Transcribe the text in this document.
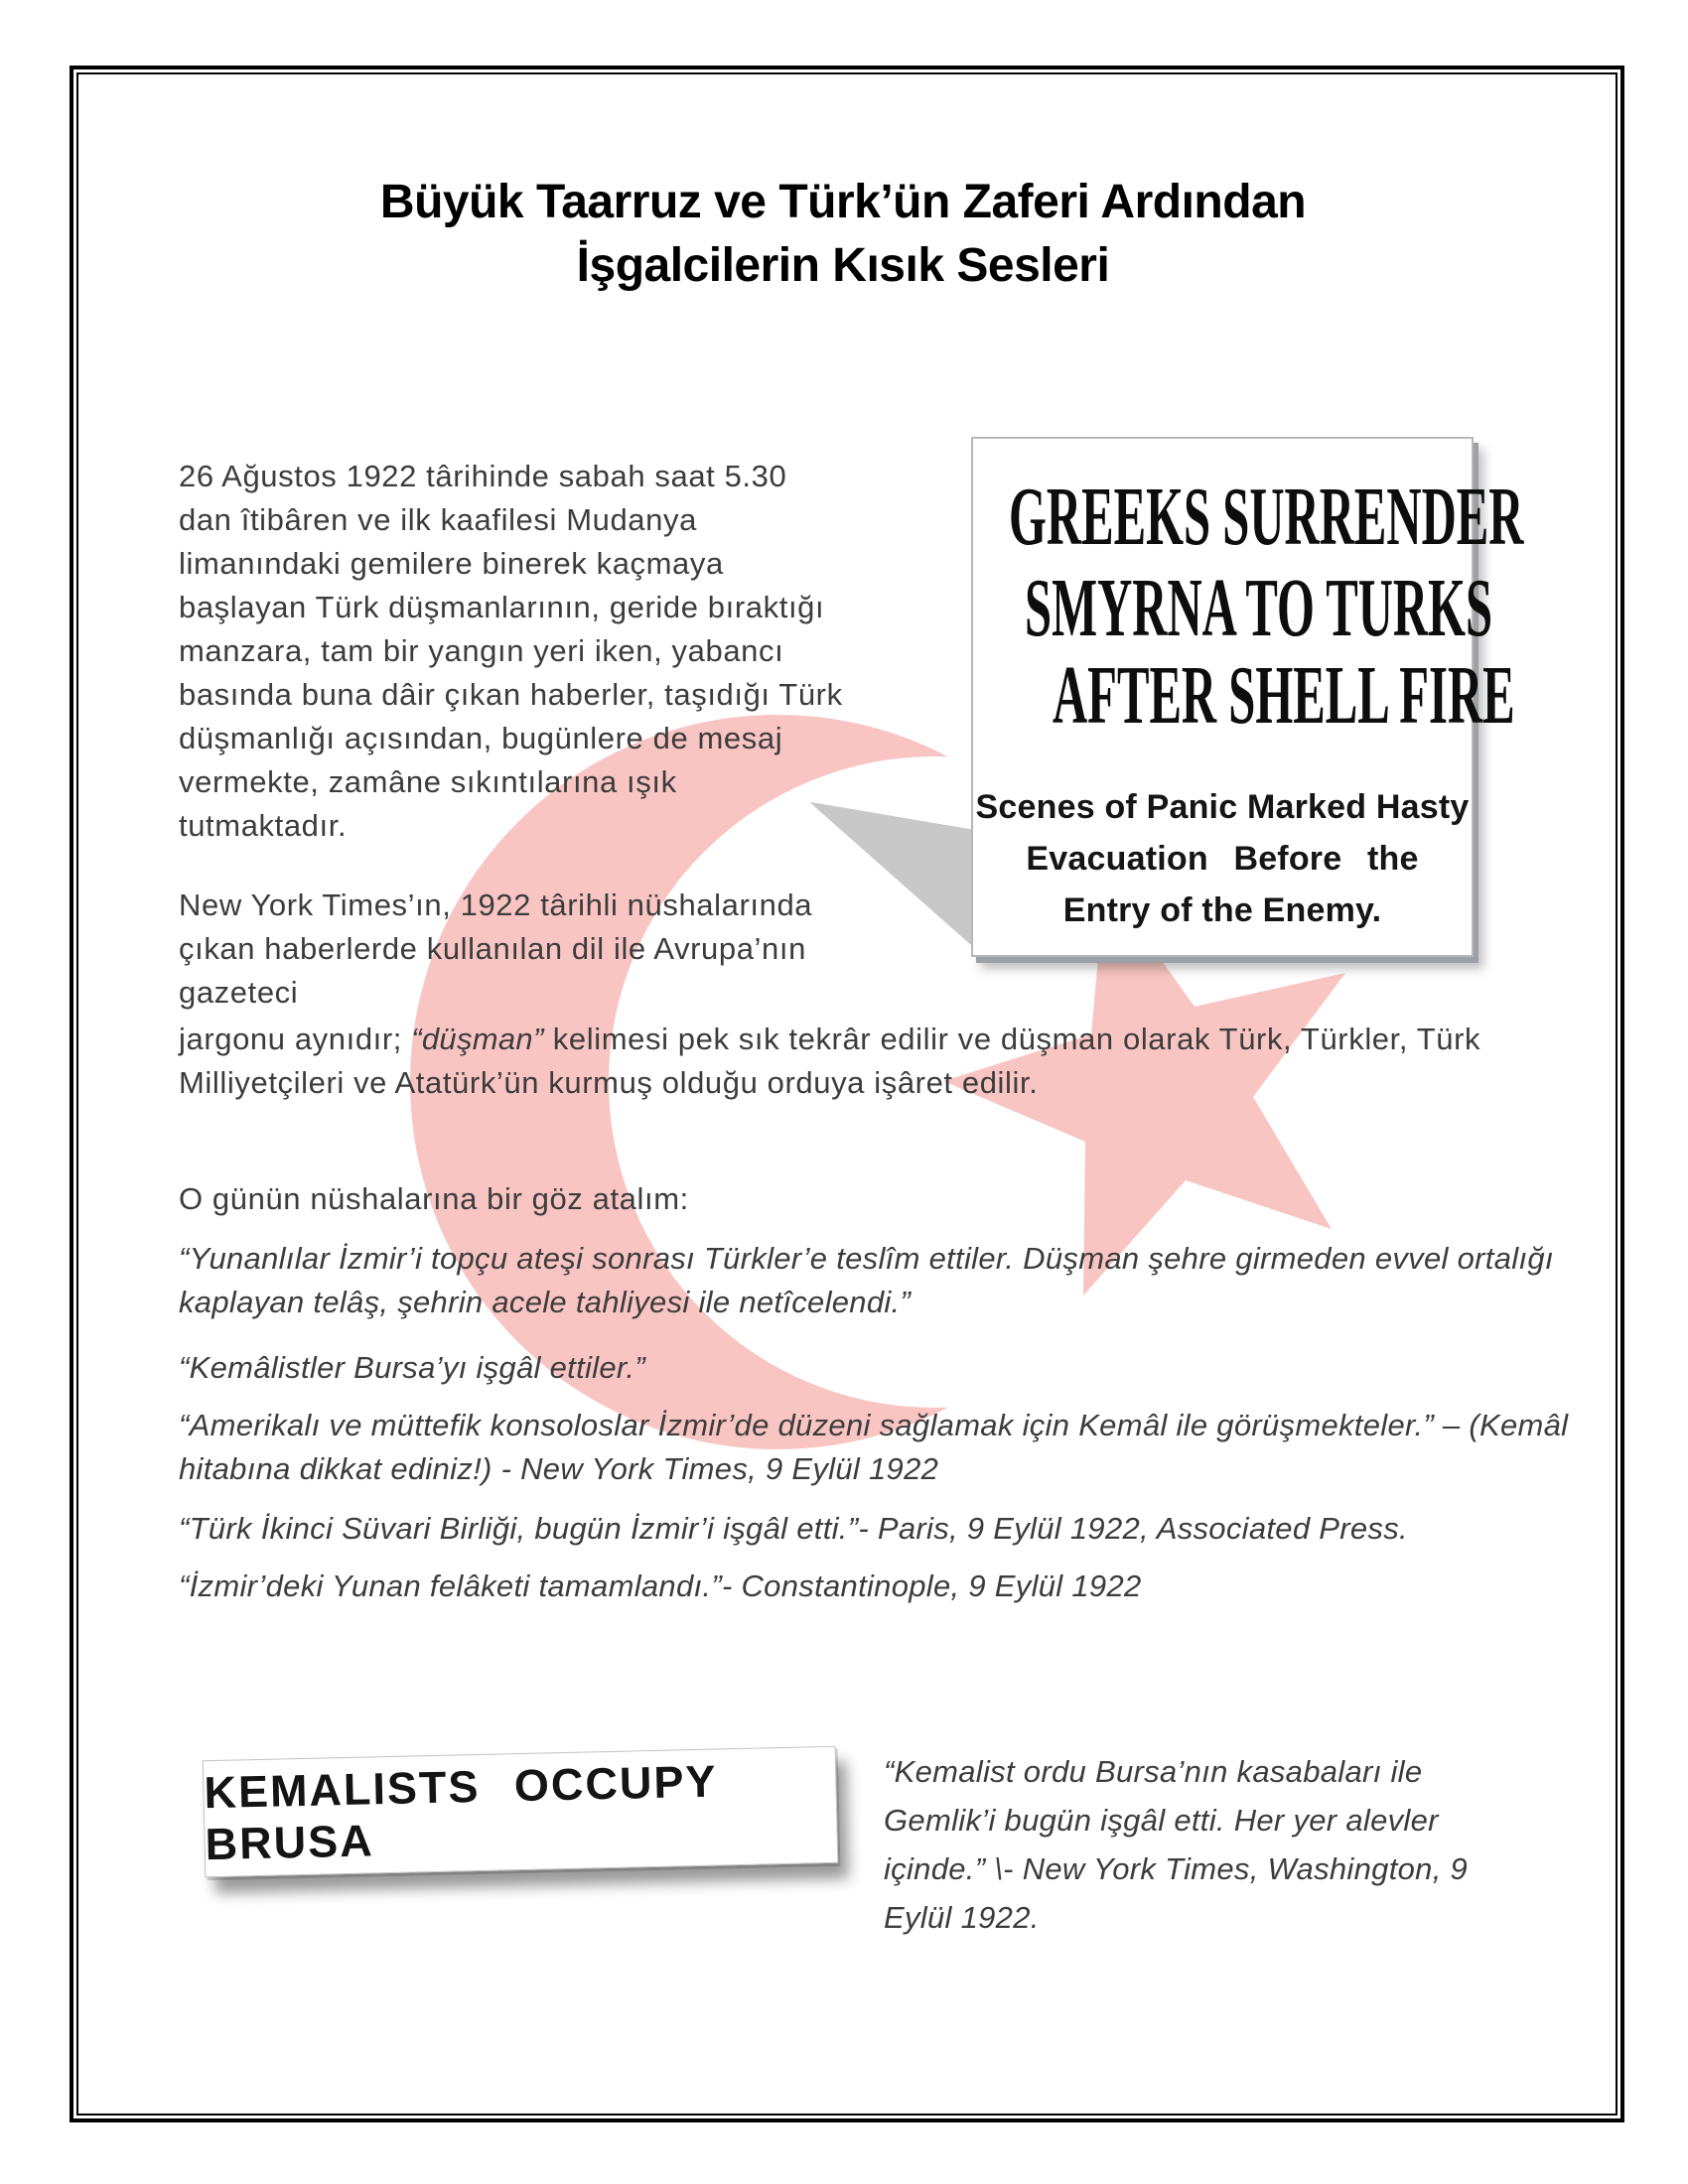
Büyük Taarruz ve Türk’ün Zaferi Ardından
İşgalcilerin Kısık Sesleri
GREEKS SURRENDER
SMYRNA TO TURKS
AFTER SHELL FIRE
Scenes of Panic Marked Hasty
Evacuation Before the
Entry of the Enemy.
26 Ağustos 1922 târihinde sabah saat 5.30 dan îtibâren ve ilk kaafilesi Mudanya limanındaki gemilere binerek kaçmaya başlayan Türk düşmanlarının, geride bıraktığı manzara, tam bir yangın yeri iken, yabancı basında buna dâir çıkan haberler, taşıdığı Türk düşmanlığı açısından, bugünlere de mesaj vermekte, zamâne sıkıntılarına ışık tutmaktadır.
New York Times’ın, 1922 târihli nüshalarında çıkan haberlerde kullanılan dil ile Avrupa’nın gazeteci
jargonu aynıdır; “düşman” kelimesi pek sık tekrâr edilir ve düşman olarak Türk, Türkler, Türk Milliyetçileri ve Atatürk’ün kurmuş olduğu orduya işâret edilir.
O günün nüshalarına bir göz atalım:
“Yunanlılar İzmir’i topçu ateşi sonrası Türkler’e teslîm ettiler. Düşman şehre girmeden evvel ortalığı kaplayan telâş, şehrin acele tahliyesi ile netîcelendi.”
“Kemâlistler Bursa’yı işgâl ettiler.”
“Amerikalı ve müttefik konsoloslar İzmir’de düzeni sağlamak için Kemâl ile görüşmekteler.” – (Kemâl hitabına dikkat ediniz!) - New York Times, 9 Eylül 1922
“Türk İkinci Süvari Birliği, bugün İzmir’i işgâl etti.”- Paris, 9 Eylül 1922, Associated Press.
“İzmir’deki Yunan felâketi tamamlandı.”- Constantinople, 9 Eylül 1922
KEMALISTS OCCUPY BRUSA
“Kemalist ordu Bursa’nın kasabaları ile Gemlik’i bugün işgâl etti. Her yer alevler içinde.” \- New York Times, Washington, 9 Eylül 1922.
